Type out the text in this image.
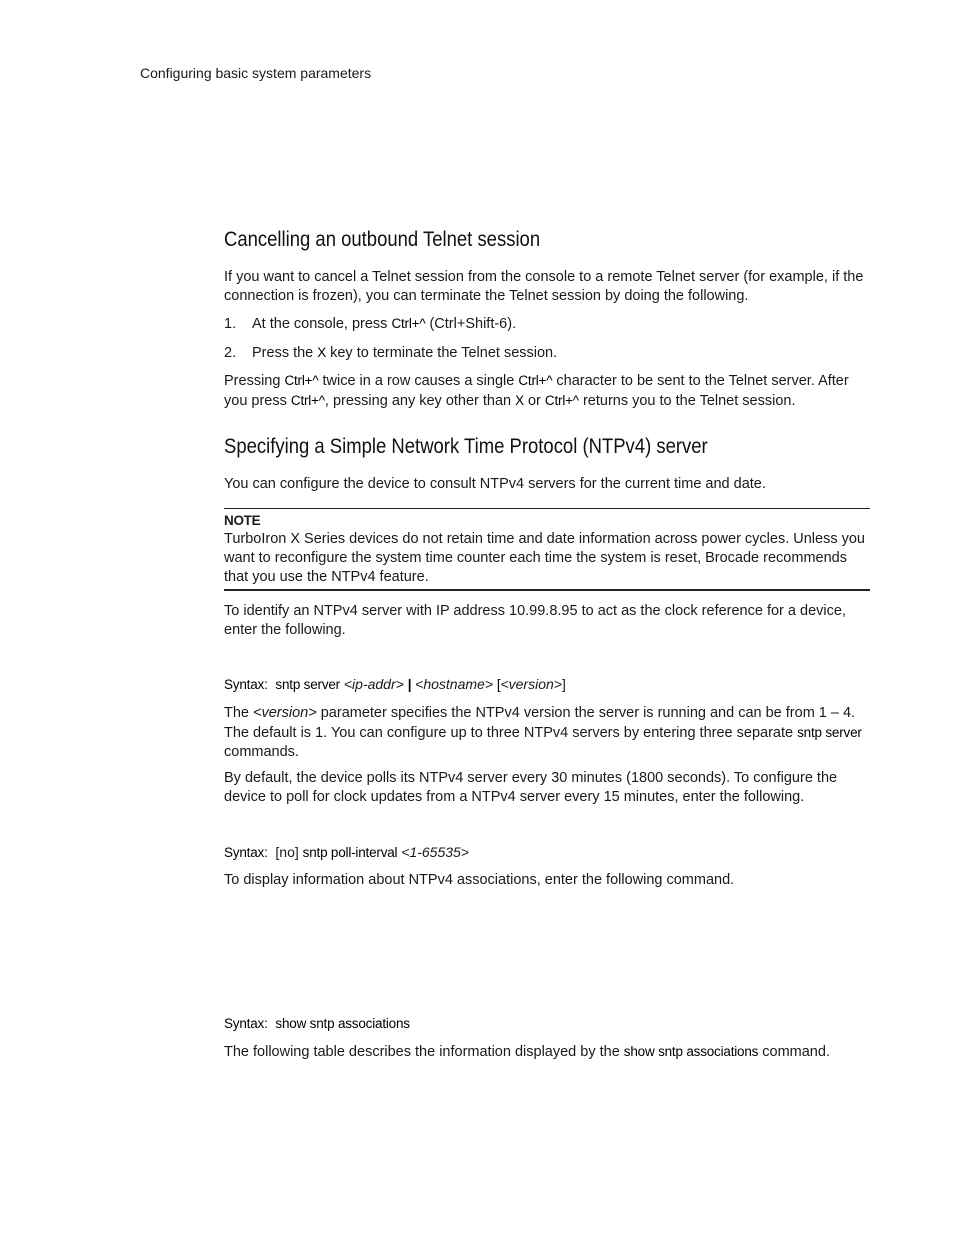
Configuring basic system parameters
Cancelling an outbound Telnet session
If you want to cancel a Telnet session from the console to a remote Telnet server (for example, if the connection is frozen), you can terminate the Telnet session by doing the following.
1. At the console, press Ctrl+^ (Ctrl+Shift-6).
2. Press the X key to terminate the Telnet session.
Pressing Ctrl+^ twice in a row causes a single Ctrl+^ character to be sent to the Telnet server. After you press Ctrl+^, pressing any key other than X or Ctrl+^ returns you to the Telnet session.
Specifying a Simple Network Time Protocol (NTPv4) server
You can configure the device to consult NTPv4 servers for the current time and date.
NOTE
TurboIron X Series devices do not retain time and date information across power cycles. Unless you want to reconfigure the system time counter each time the system is reset, Brocade recommends that you use the NTPv4 feature.
To identify an NTPv4 server with IP address 10.99.8.95 to act as the clock reference for a device, enter the following.
Syntax: sntp server <ip-addr> | <hostname> [<version>]
The <version> parameter specifies the NTPv4 version the server is running and can be from 1 – 4. The default is 1. You can configure up to three NTPv4 servers by entering three separate sntp server commands.
By default, the device polls its NTPv4 server every 30 minutes (1800 seconds). To configure the device to poll for clock updates from a NTPv4 server every 15 minutes, enter the following.
Syntax: [no] sntp poll-interval <1-65535>
To display information about NTPv4 associations, enter the following command.
Syntax: show sntp associations
The following table describes the information displayed by the show sntp associations command.
